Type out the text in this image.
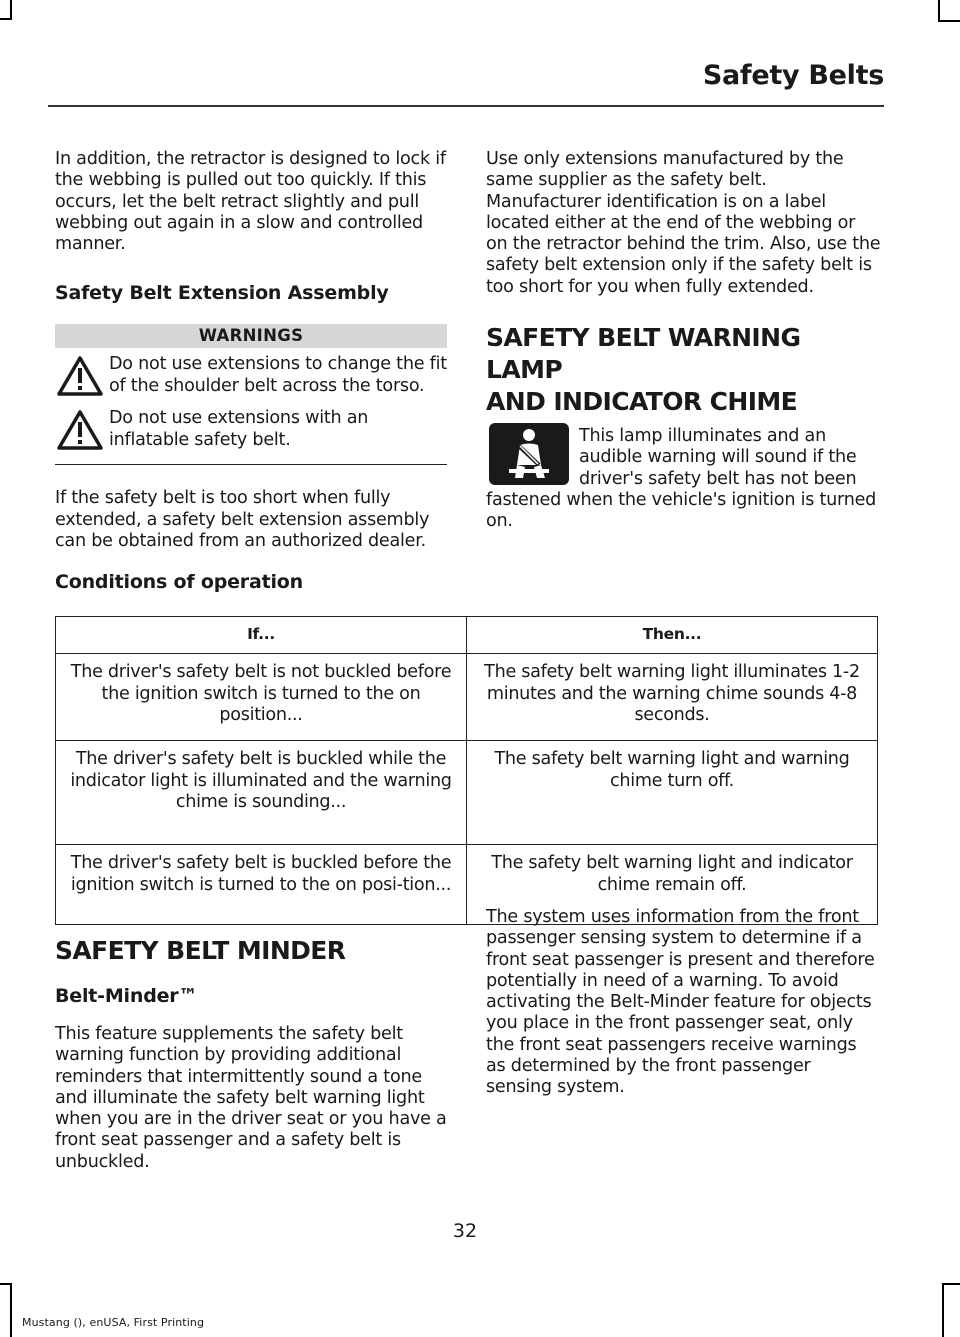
Safety Belts

In addition, the retractor is designed to lock if the webbing is pulled out too quickly. If this occurs, let the belt retract slightly and pull webbing out again in a slow and controlled manner.

Safety Belt Extension Assembly

WARNINGS

Do not use extensions to change the fit of the shoulder belt across the torso.

Do not use extensions with an inflatable safety belt.

If the safety belt is too short when fully extended, a safety belt extension assembly can be obtained from an authorized dealer.

Use only extensions manufactured by the same supplier as the safety belt. Manufacturer identification is on a label located either at the end of the webbing or on the retractor behind the trim. Also, use the safety belt extension only if the safety belt is too short for you when fully extended.

SAFETY BELT WARNING LAMP
AND INDICATOR CHIME

This lamp illuminates and an

audible warning will sound if the

driver's safety belt has not been

fastened when the vehicle's ignition is turned on.

Conditions of operation

If...	Then...
The driver's safety belt is not buckled before the ignition switch is turned to the on position...	The safety belt warning light illuminates 1-2 minutes and the warning chime sounds 4-8 seconds.
The driver's safety belt is buckled while the indicator light is illuminated and the warning chime is sounding...	The safety belt warning light and warning chime turn off.
The driver's safety belt is buckled before the ignition switch is turned to the on posi-tion...	The safety belt warning light and indicator chime remain off.

SAFETY BELT MINDER

Belt-Minder™

This feature supplements the safety belt warning function by providing additional reminders that intermittently sound a tone and illuminate the safety belt warning light when you are in the driver seat or you have a front seat passenger and a safety belt is unbuckled.

The system uses information from the front passenger sensing system to determine if a front seat passenger is present and therefore potentially in need of a warning. To avoid activating the Belt-Minder feature for objects you place in the front passenger seat, only the front seat passengers receive warnings as determined by the front passenger sensing system.

32
Mustang (), enUSA, First Printing
